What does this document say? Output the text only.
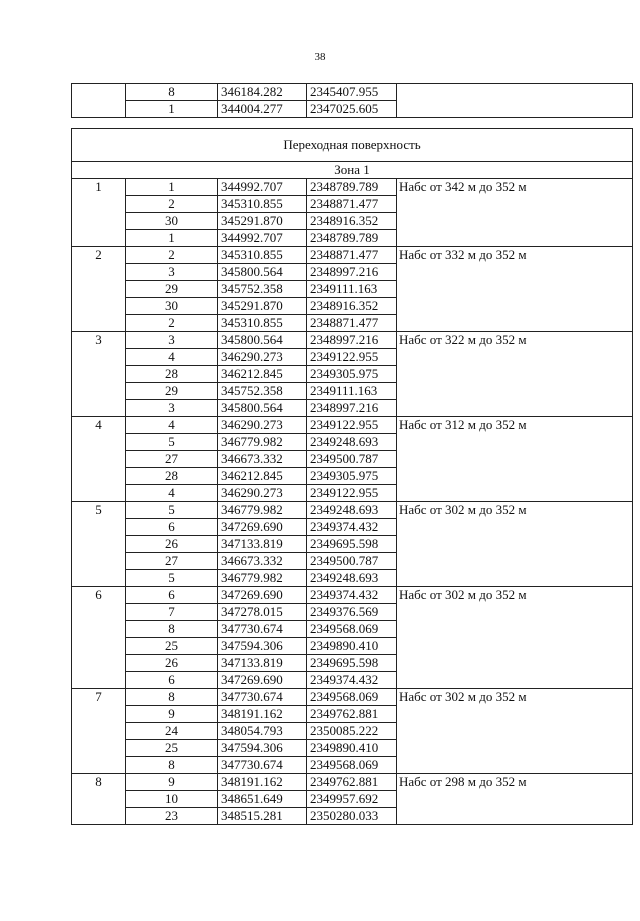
38
	8	346184.282	2345407.955	
	1	344004.277	2347025.605	
Переходная поверхность				
Зона 1				
1	1	344992.707	2348789.789	Набс от 342 м до 352 м
	2	345310.855	2348871.477	
	30	345291.870	2348916.352	
	1	344992.707	2348789.789	
2	2	345310.855	2348871.477	Набс от 332 м до 352 м
	3	345800.564	2348997.216	
	29	345752.358	2349111.163	
	30	345291.870	2348916.352	
	2	345310.855	2348871.477	
3	3	345800.564	2348997.216	Набс от 322 м до 352 м
	4	346290.273	2349122.955	
	28	346212.845	2349305.975	
	29	345752.358	2349111.163	
	3	345800.564	2348997.216	
4	4	346290.273	2349122.955	Набс от 312 м до 352 м
	5	346779.982	2349248.693	
	27	346673.332	2349500.787	
	28	346212.845	2349305.975	
	4	346290.273	2349122.955	
5	5	346779.982	2349248.693	Набс от 302 м до 352 м
	6	347269.690	2349374.432	
	26	347133.819	2349695.598	
	27	346673.332	2349500.787	
	5	346779.982	2349248.693	
6	6	347269.690	2349374.432	Набс от 302 м до 352 м
	7	347278.015	2349376.569	
	8	347730.674	2349568.069	
	25	347594.306	2349890.410	
	26	347133.819	2349695.598	
	6	347269.690	2349374.432	
7	8	347730.674	2349568.069	Набс от 302 м до 352 м
	9	348191.162	2349762.881	
	24	348054.793	2350085.222	
	25	347594.306	2349890.410	
	8	347730.674	2349568.069	
8	9	348191.162	2349762.881	Набс от 298 м до 352 м
	10	348651.649	2349957.692	
	23	348515.281	2350280.033	
